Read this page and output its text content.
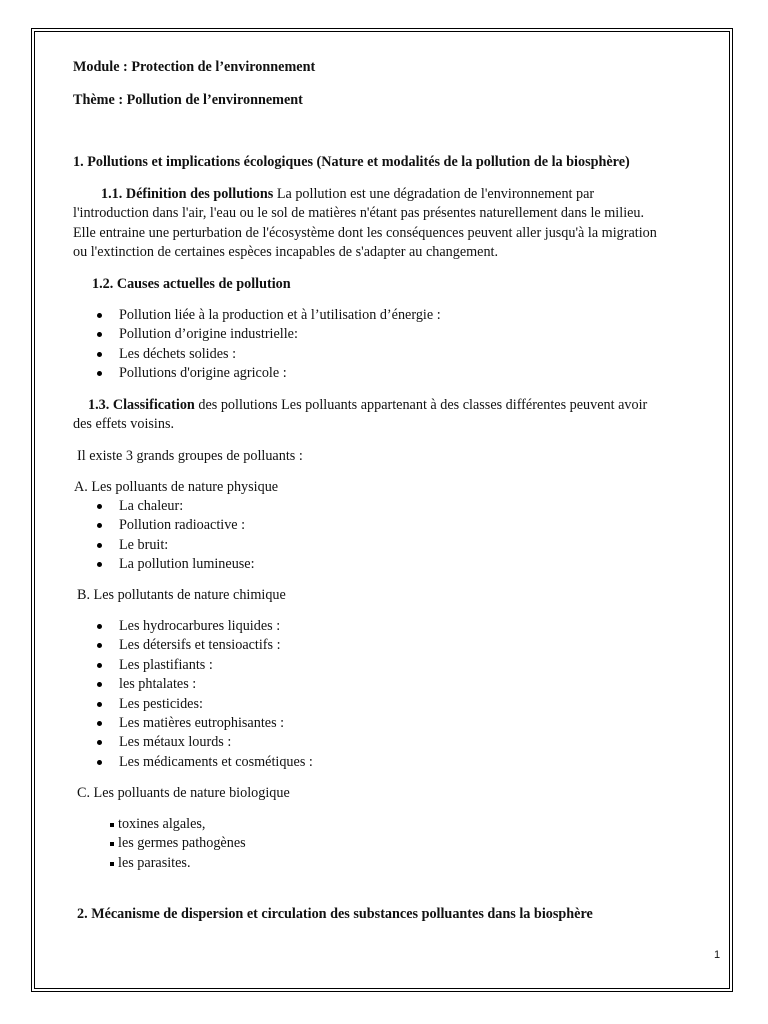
Module : Protection de l’environnement
Thème : Pollution de l’environnement
1. Pollutions et implications écologiques (Nature et modalités de la pollution de la biosphère)
1.1. Définition des pollutions La pollution est une dégradation de l'environnement par
l'introduction dans l'air, l'eau ou le sol de matières n'étant pas présentes naturellement dans le milieu.
Elle entraine une perturbation de l'écosystème dont les conséquences peuvent aller jusqu'à la migration
ou l'extinction de certaines espèces incapables de s'adapter au changement.
1.2. Causes actuelles de pollution
Pollution liée à la production et à l’utilisation d’énergie :
Pollution d’origine industrielle:
Les déchets solides :
Pollutions d'origine agricole :
1.3. Classification des pollutions Les polluants appartenant à des classes différentes peuvent avoir
des effets voisins.
Il existe 3 grands groupes de polluants :
A. Les polluants de nature physique
La chaleur:
Pollution radioactive :
Le bruit:
La pollution lumineuse:
B. Les pollutants de nature chimique
Les hydrocarbures liquides :
Les détersifs et tensioactifs :
Les plastifiants :
les phtalates :
Les pesticides:
Les matières eutrophisantes :
Les métaux lourds :
Les médicaments et cosmétiques :
C. Les polluants de nature biologique
toxines algales,
les germes pathogènes
les parasites.
2. Mécanisme de dispersion et circulation des substances polluantes dans la biosphère
1
